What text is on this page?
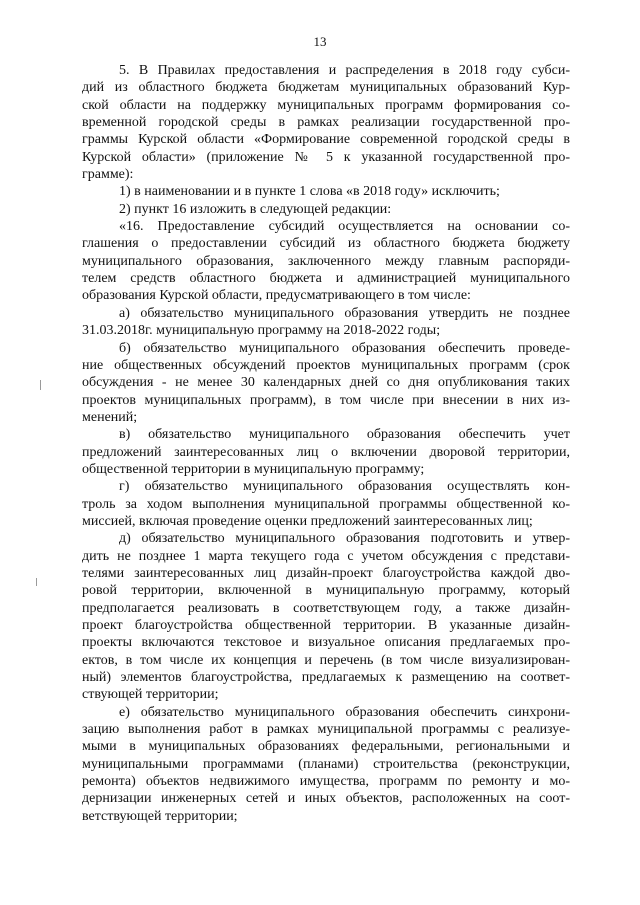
13
5. В Правилах предоставления и распределения в 2018 году субси-
дий из областного бюджета бюджетам муниципальных образований Кур-
ской области на поддержку муниципальных программ формирования со-
временной городской среды в рамках реализации государственной про-
граммы Курской области «Формирование современной городской среды в
Курской области» (приложение № 5 к указанной государственной про-
грамме):
1) в наименовании и в пункте 1 слова «в 2018 году» исключить;
2) пункт 16 изложить в следующей редакции:
«16. Предоставление субсидий осуществляется на основании со-
глашения о предоставлении субсидий из областного бюджета бюджету
муниципального образования, заключенного между главным распоряди-
телем средств областного бюджета и администрацией муниципального
образования Курской области, предусматривающего в том числе:
а) обязательство муниципального образования утвердить не позднее
31.03.2018г. муниципальную программу на 2018-2022 годы;
б) обязательство муниципального образования обеспечить проведе-
ние общественных обсуждений проектов муниципальных программ (срок
обсуждения - не менее 30 календарных дней со дня опубликования таких
проектов муниципальных программ), в том числе при внесении в них из-
менений;
в) обязательство муниципального образования обеспечить учет
предложений заинтересованных лиц о включении дворовой территории,
общественной территории в муниципальную программу;
г) обязательство муниципального образования осуществлять кон-
троль за ходом выполнения муниципальной программы общественной ко-
миссией, включая проведение оценки предложений заинтересованных лиц;
д) обязательство муниципального образования подготовить и утвер-
дить не позднее 1 марта текущего года с учетом обсуждения с представи-
телями заинтересованных лиц дизайн-проект благоустройства каждой дво-
ровой территории, включенной в муниципальную программу, который
предполагается реализовать в соответствующем году, а также дизайн-
проект благоустройства общественной территории. В указанные дизайн-
проекты включаются текстовое и визуальное описания предлагаемых про-
ектов, в том числе их концепция и перечень (в том числе визуализирован-
ный) элементов благоустройства, предлагаемых к размещению на соответ-
ствующей территории;
е) обязательство муниципального образования обеспечить синхрони-
зацию выполнения работ в рамках муниципальной программы с реализуе-
мыми в муниципальных образованиях федеральными, региональными и
муниципальными программами (планами) строительства (реконструкции,
ремонта) объектов недвижимого имущества, программ по ремонту и мо-
дернизации инженерных сетей и иных объектов, расположенных на соот-
ветствующей территории;
